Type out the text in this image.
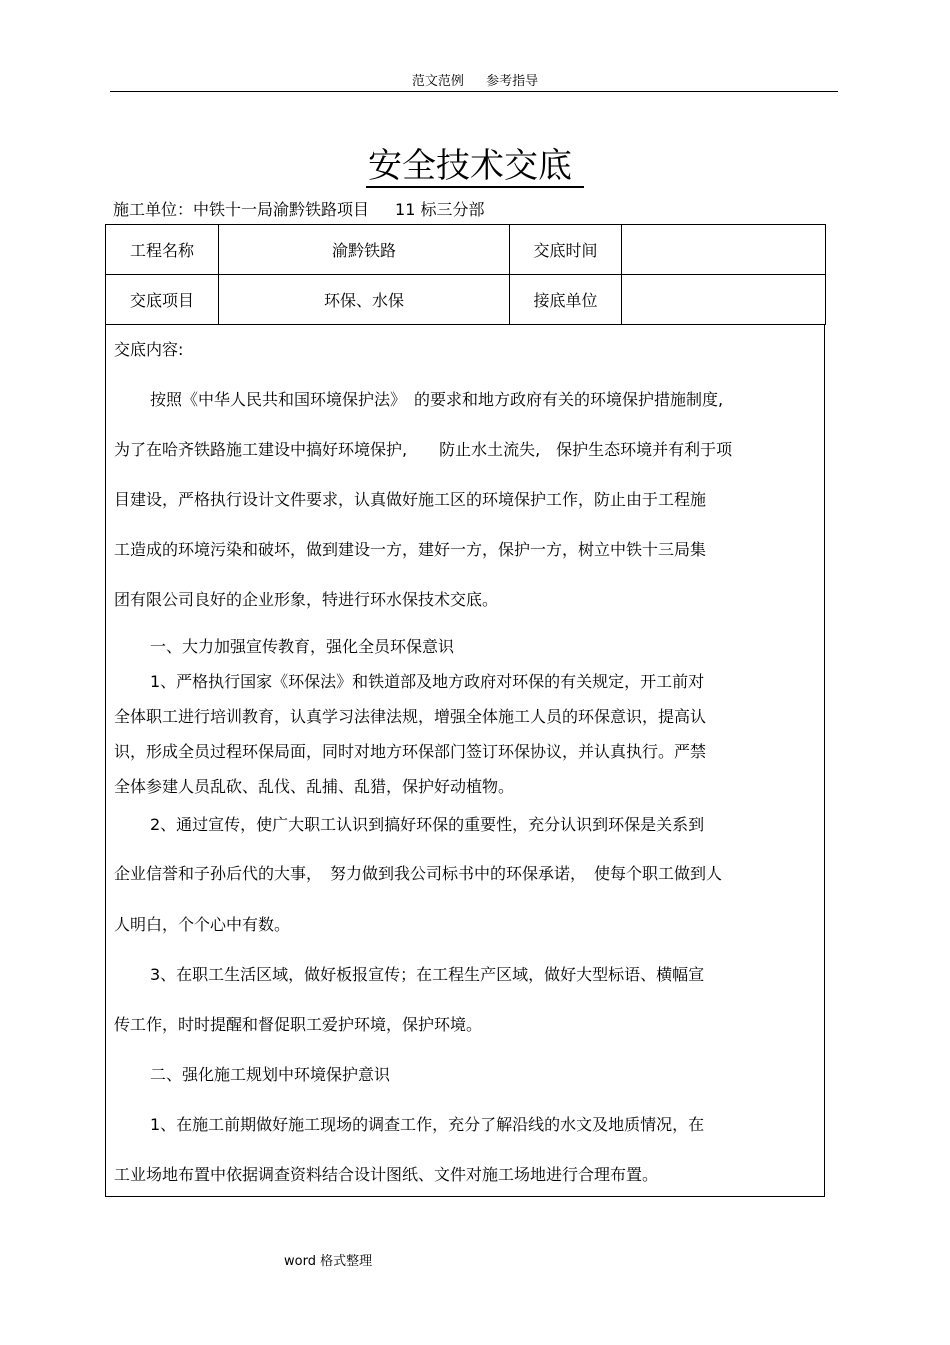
范文范例 参考指导
安全技术交底
施工单位：中铁十一局渝黔铁路项目 11 标三分部
工程名称	渝黔铁路	交底时间	
交底项目	环保、水保	接底单位	
交底内容:
按照《中华人民共和国环境保护法》　的要求和地方政府有关的环境保护措施制度,
为了在哈齐铁路施工建设中搞好环境保护,　　防止水土流失,　保护生态环境并有利于项
目建设，严格执行设计文件要求，认真做好施工区的环境保护工作，防止由于工程施
工造成的环境污染和破坏，做到建设一方，建好一方，保护一方，树立中铁十三局集
团有限公司良好的企业形象，特进行环水保技术交底。
一、大力加强宣传教育，强化全员环保意识
1、严格执行国家《环保法》和铁道部及地方政府对环保的有关规定，开工前对
全体职工进行培训教育，认真学习法律法规，增强全体施工人员的环保意识，提高认
识，形成全员过程环保局面，同时对地方环保部门签订环保协议，并认真执行。严禁
全体参建人员乱砍、乱伐、乱捕、乱猎，保护好动植物。
2、通过宣传，使广大职工认识到搞好环保的重要性，充分认识到环保是关系到
企业信誉和子孙后代的大事，　努力做到我公司标书中的环保承诺，　使每个职工做到人
人明白，个个心中有数。
3、在职工生活区域，做好板报宣传；在工程生产区域，做好大型标语、横幅宣
传工作，时时提醒和督促职工爱护环境，保护环境。
二、强化施工规划中环境保护意识
1、在施工前期做好施工现场的调查工作，充分了解沿线的水文及地质情况，在
工业场地布置中依据调查资料结合设计图纸、文件对施工场地进行合理布置。
word 格式整理
